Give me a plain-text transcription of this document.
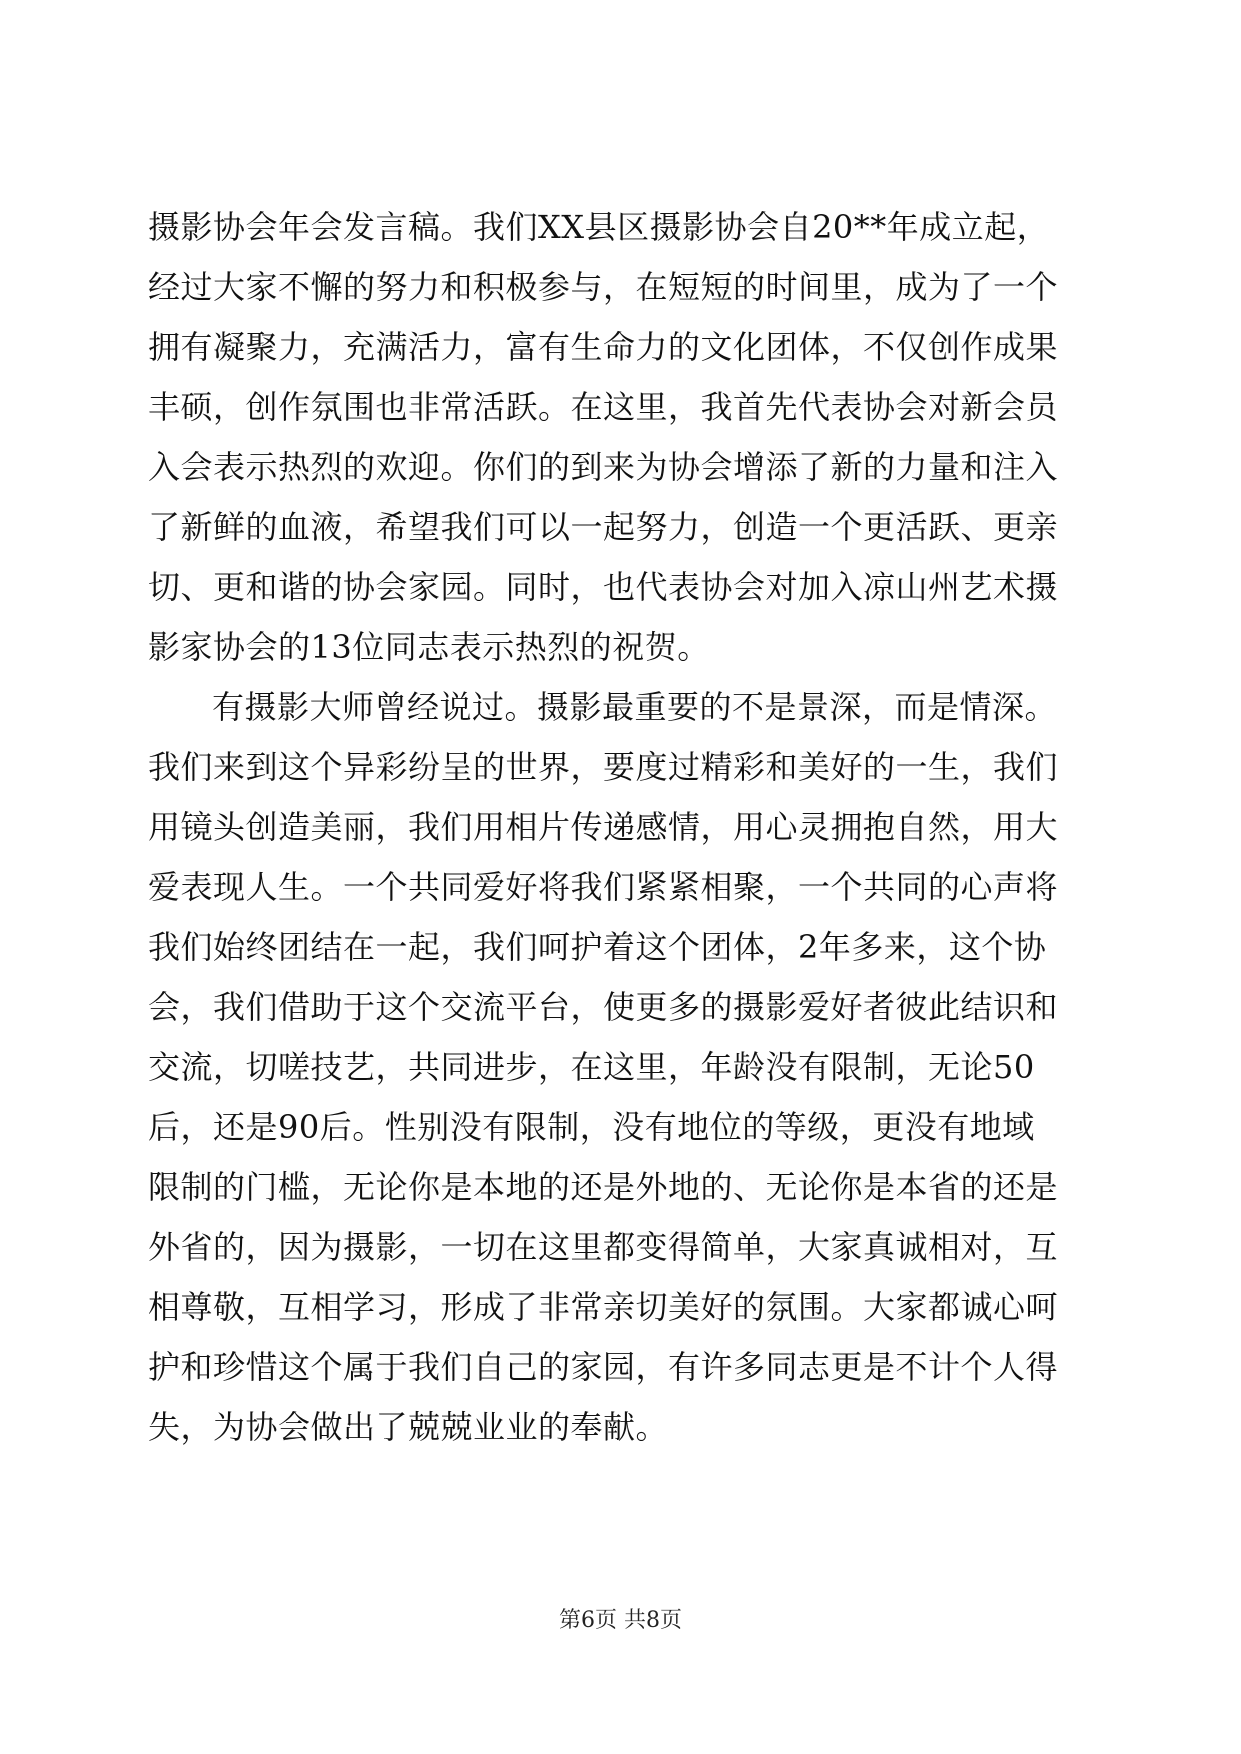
摄影协会年会发言稿。我们XX县区摄影协会自20**年成立起，
经过大家不懈的努力和积极参与，在短短的时间里，成为了一个
拥有凝聚力，充满活力，富有生命力的文化团体，不仅创作成果
丰硕，创作氛围也非常活跃。在这里，我首先代表协会对新会员
入会表示热烈的欢迎。你们的到来为协会增添了新的力量和注入
了新鲜的血液，希望我们可以一起努力，创造一个更活跃、更亲
切、更和谐的协会家园。同时，也代表协会对加入凉山州艺术摄
影家协会的13位同志表示热烈的祝贺。
有摄影大师曾经说过。摄影最重要的不是景深，而是情深。
我们来到这个异彩纷呈的世界，要度过精彩和美好的一生，我们
用镜头创造美丽，我们用相片传递感情，用心灵拥抱自然，用大
爱表现人生。一个共同爱好将我们紧紧相聚，一个共同的心声将
我们始终团结在一起，我们呵护着这个团体，2年多来，这个协
会，我们借助于这个交流平台，使更多的摄影爱好者彼此结识和
交流，切嗟技艺，共同进步，在这里，年龄没有限制，无论50
后，还是90后。性别没有限制，没有地位的等级，更没有地域
限制的门槛，无论你是本地的还是外地的、无论你是本省的还是
外省的，因为摄影，一切在这里都变得简单，大家真诚相对，互
相尊敬，互相学习，形成了非常亲切美好的氛围。大家都诚心呵
护和珍惜这个属于我们自己的家园，有许多同志更是不计个人得
失，为协会做出了兢兢业业的奉献。
第6页 共8页
